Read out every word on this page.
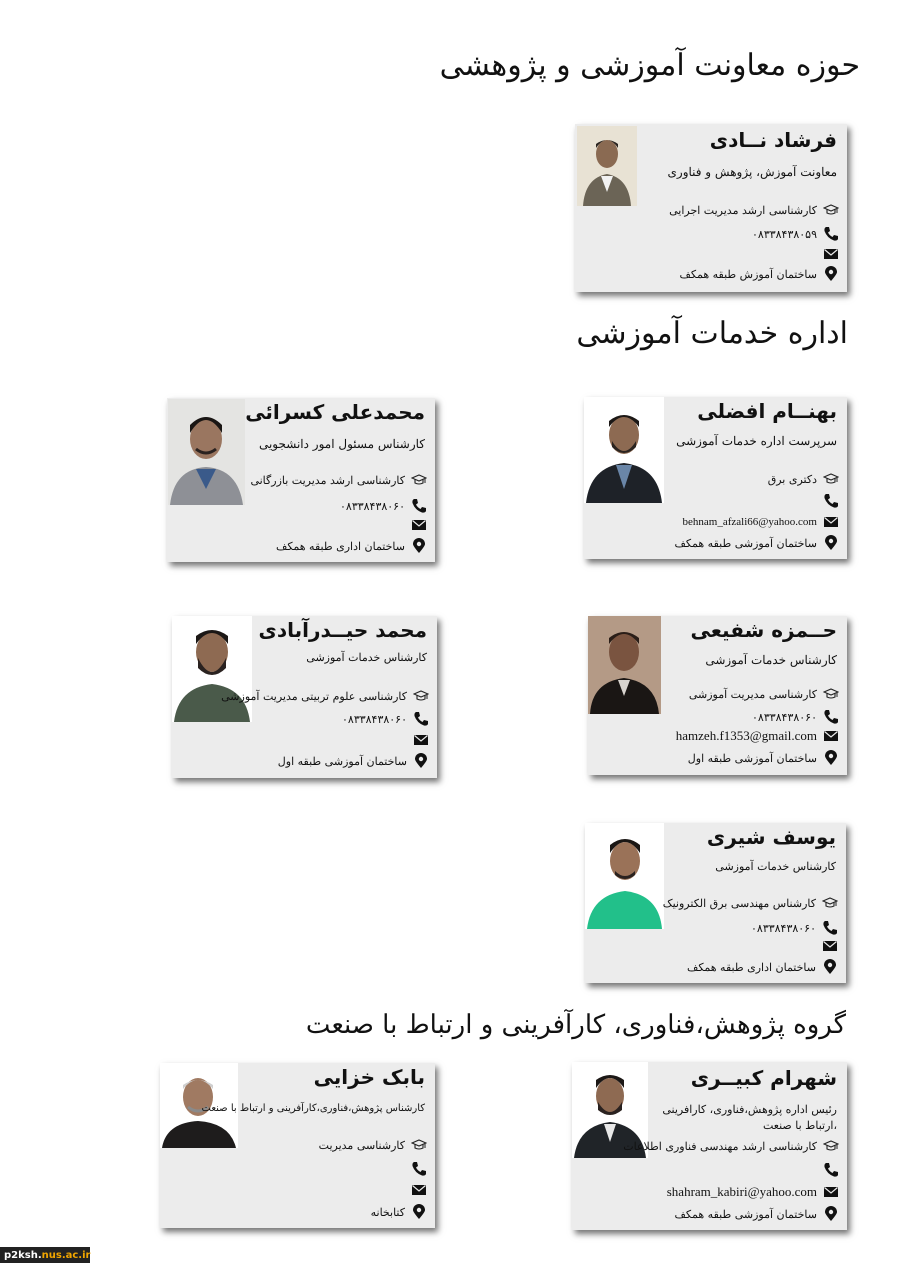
حوزه معاونت آموزشی و پژوهشی
اداره خدمات آموزشی
گروه پژوهش،فناوری، کارآفرینی و ارتباط با صنعت
فرشاد نــادی
معاونت آموزش، پژوهش و فناوری
کارشناسی ارشد مدیریت اجرایی
۰۸۳۳۸۴۳۸۰۵۹
ساختمان آموزش طبقه همکف
بهنــام افضلی
سرپرست اداره خدمات آموزشی
دکتری برق
behnam_afzali66@yahoo.com
ساختمان آموزشی طبقه همکف
محمدعلی کسرائی
کارشناس مسئول امور دانشجویی
کارشناسی ارشد مدیریت بازرگانی
۰۸۳۳۸۴۳۸۰۶۰
ساختمان اداری طبقه همکف
حــمزه شفیعی
کارشناس خدمات آموزشی
کارشناسی مدیریت آموزشی
۰۸۳۳۸۴۳۸۰۶۰
hamzeh.f1353@gmail.com
ساختمان آموزشی طبقه اول
محمد حیــدرآبادی
کارشناس خدمات آموزشی
کارشناسی علوم تربیتی مدیریت آموزشی
۰۸۳۳۸۴۳۸۰۶۰
ساختمان آموزشی طبقه اول
یوسف شیری
کارشناس خدمات آموزشی
کارشناس مهندسی برق الکترونیک
۰۸۳۳۸۴۳۸۰۶۰
ساختمان اداری طبقه همکف
شهرام کبیــری
رئیس اداره پژوهش،فناوری، کارافرینی ،ارتباط با صنعت
کارشناسی ارشد مهندسی فناوری اطلاعات
shahram_kabiri@yahoo.com
ساختمان آموزشی طبقه همکف
بابک خزایی
کارشناس پژوهش،فناوری،کارآفرینی و ارتباط با صنعت
کارشناسی مدیریت
کتابخانه
p2ksh. nus.ac.ir
